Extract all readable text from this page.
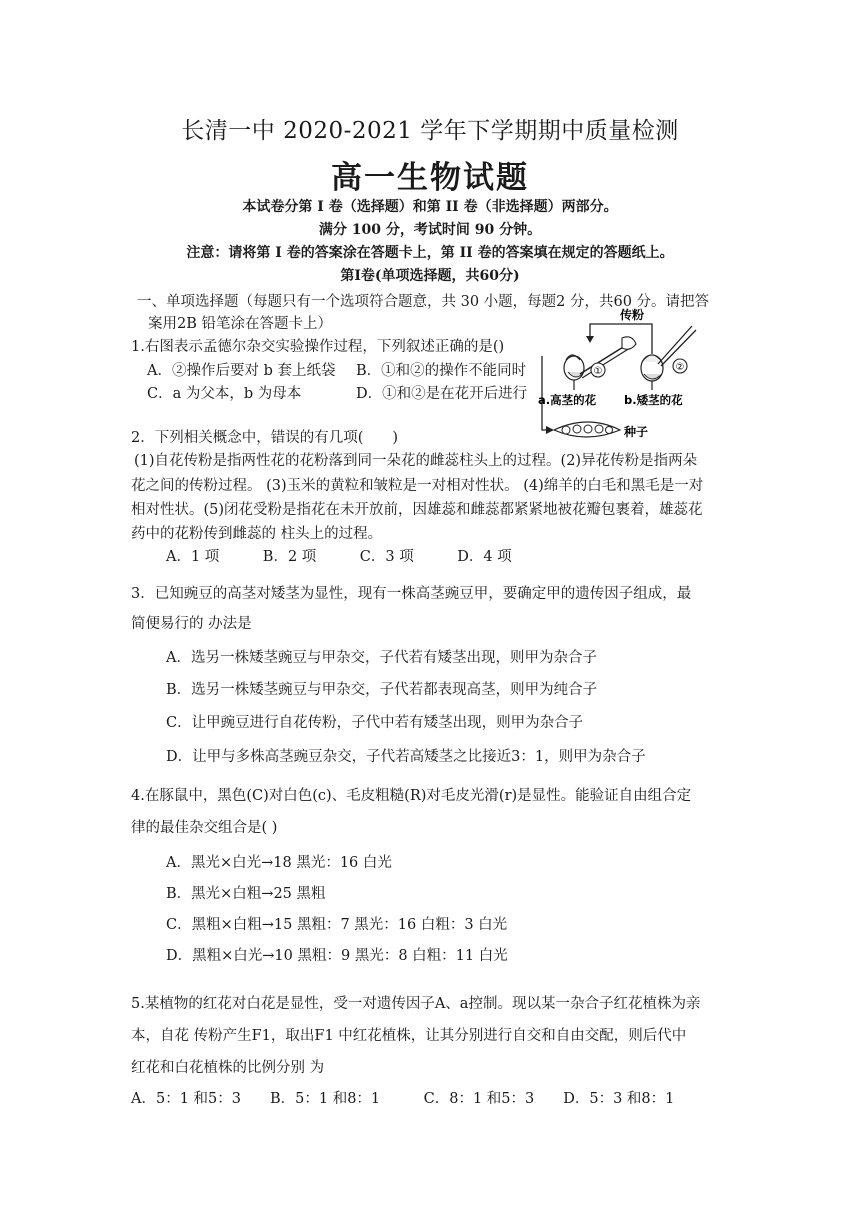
长清一中 2020-2021 学年下学期期中质量检测
高一生物试题
本试卷分第 I 卷（选择题）和第 II 卷（非选择题）两部分。
满分 100 分，考试时间 90 分钟。
注意：请将第 I 卷的答案涂在答题卡上，第 II 卷的答案填在规定的答题纸上。
第Ⅰ卷(单项选择题，共60分)
一、单项选择题（每题只有一个选项符合题意，共 30 小题，每题2 分，共60 分。请把答
案用2B 铅笔涂在答题卡上）
1.右图表示孟德尔杂交实验操作过程，下列叙述正确的是()
A．②操作后要对 b 套上纸袋 B．①和②的操作不能同时
C．a 为父本，b 为母本	D．①和②是在花开后进行
①	②
传粉
a.高茎的花 b.矮茎的花
种子
2．下列相关概念中，错误的有几项(　　)
(1)自花传粉是指两性花的花粉落到同一朵花的雌蕊柱头上的过程。(2)异花传粉是指两朵
花之间的传粉过程。 (3)玉米的黄粒和皱粒是一对相对性状。 (4)绵羊的白毛和黑毛是一对
相对性状。(5)闭花受粉是指花在未开放前，因雄蕊和雌蕊都紧紧地被花瓣包裹着，雄蕊花
药中的花粉传到雌蕊的 柱头上的过程。
A．1 项　　　B．2 项　　　C．3 项　　　D．4 项
3．已知豌豆的高茎对矮茎为显性，现有一株高茎豌豆甲，要确定甲的遗传因子组成，最
简便易行的 办法是
A．选另一株矮茎豌豆与甲杂交，子代若有矮茎出现，则甲为杂合子
B．选另一株矮茎豌豆与甲杂交，子代若都表现高茎，则甲为纯合子
C．让甲豌豆进行自花传粉，子代中若有矮茎出现，则甲为杂合子
D．让甲与多株高茎豌豆杂交，子代若高矮茎之比接近3：1，则甲为杂合子
4.在豚鼠中，黑色(C)对白色(c)、毛皮粗糙(R)对毛皮光滑(r)是显性。能验证自由组合定
律的最佳杂交组合是( )
A．黑光×白光→18 黑光：16 白光
B．黑光×白粗→25 黑粗
C．黑粗×白粗→15 黑粗：7 黑光：16 白粗：3 白光
D．黑粗×白光→10 黑粗：9 黑光：8 白粗：11 白光
5.某植物的红花对白花是显性，受一对遗传因子A、a控制。现以某一杂合子红花植株为亲
本，自花 传粉产生F1，取出F1 中红花植株，让其分别进行自交和自由交配，则后代中
红花和白花植株的比例分别 为
A．5：1 和5：3　　B．5：1 和8：1　　　C．8：1 和5：3　　D．5：3 和8：1
